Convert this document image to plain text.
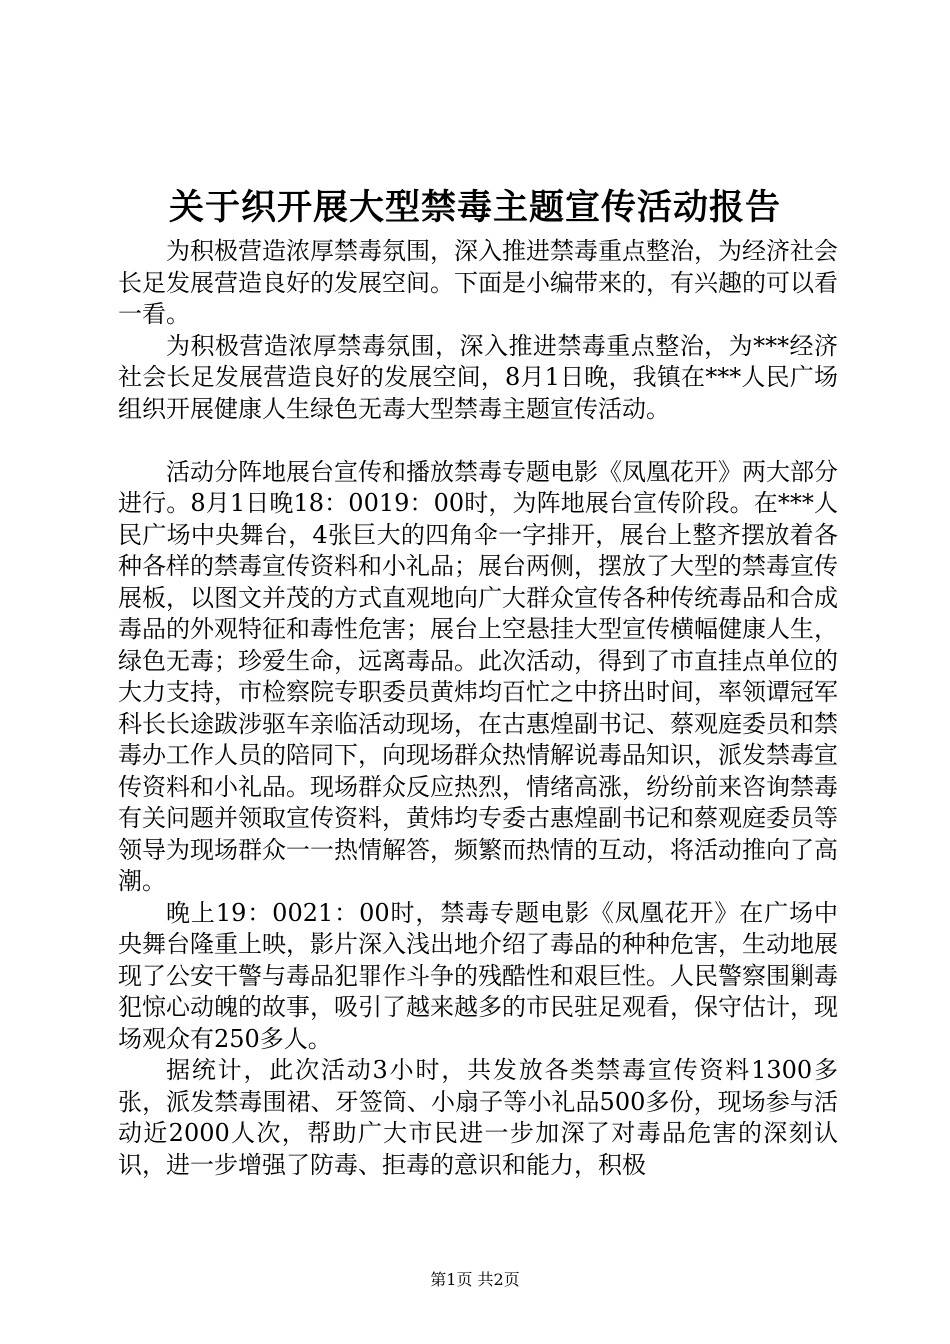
关于织开展大型禁毒主题宣传活动报告

为积极营造浓厚禁毒氛围，深入推进禁毒重点整治，为经济社会长足发展营造良好的发展空间。下面是小编带来的，有兴趣的可以看一看。

为积极营造浓厚禁毒氛围，深入推进禁毒重点整治，为***经济社会长足发展营造良好的发展空间，8月1日晚，我镇在***人民广场组织开展健康人生绿色无毒大型禁毒主题宣传活动。

活动分阵地展台宣传和播放禁毒专题电影《凤凰花开》两大部分进行。8月1日晚18：0019：00时，为阵地展台宣传阶段。在***人民广场中央舞台，4张巨大的四角伞一字排开，展台上整齐摆放着各种各样的禁毒宣传资料和小礼品；展台两侧，摆放了大型的禁毒宣传展板，以图文并茂的方式直观地向广大群众宣传各种传统毒品和合成毒品的外观特征和毒性危害；展台上空悬挂大型宣传横幅健康人生，绿色无毒；珍爱生命，远离毒品。此次活动，得到了市直挂点单位的大力支持，市检察院专职委员黄炜均百忙之中挤出时间，率领谭冠军科长长途跋涉驱车亲临活动现场，在古惠煌副书记、蔡观庭委员和禁毒办工作人员的陪同下，向现场群众热情解说毒品知识，派发禁毒宣传资料和小礼品。现场群众反应热烈，情绪高涨，纷纷前来咨询禁毒有关问题并领取宣传资料，黄炜均专委古惠煌副书记和蔡观庭委员等领导为现场群众一一热情解答，频繁而热情的互动，将活动推向了高潮。

晚上19：0021：00时，禁毒专题电影《凤凰花开》在广场中央舞台隆重上映，影片深入浅出地介绍了毒品的种种危害，生动地展现了公安干警与毒品犯罪作斗争的残酷性和艰巨性。人民警察围剿毒犯惊心动魄的故事，吸引了越来越多的市民驻足观看，保守估计，现场观众有250多人。

据统计，此次活动3小时，共发放各类禁毒宣传资料1300多张，派发禁毒围裙、牙签筒、小扇子等小礼品500多份，现场参与活动近2000人次，帮助广大市民进一步加深了对毒品危害的深刻认识，进一步增强了防毒、拒毒的意识和能力，积极

第1页 共2页
